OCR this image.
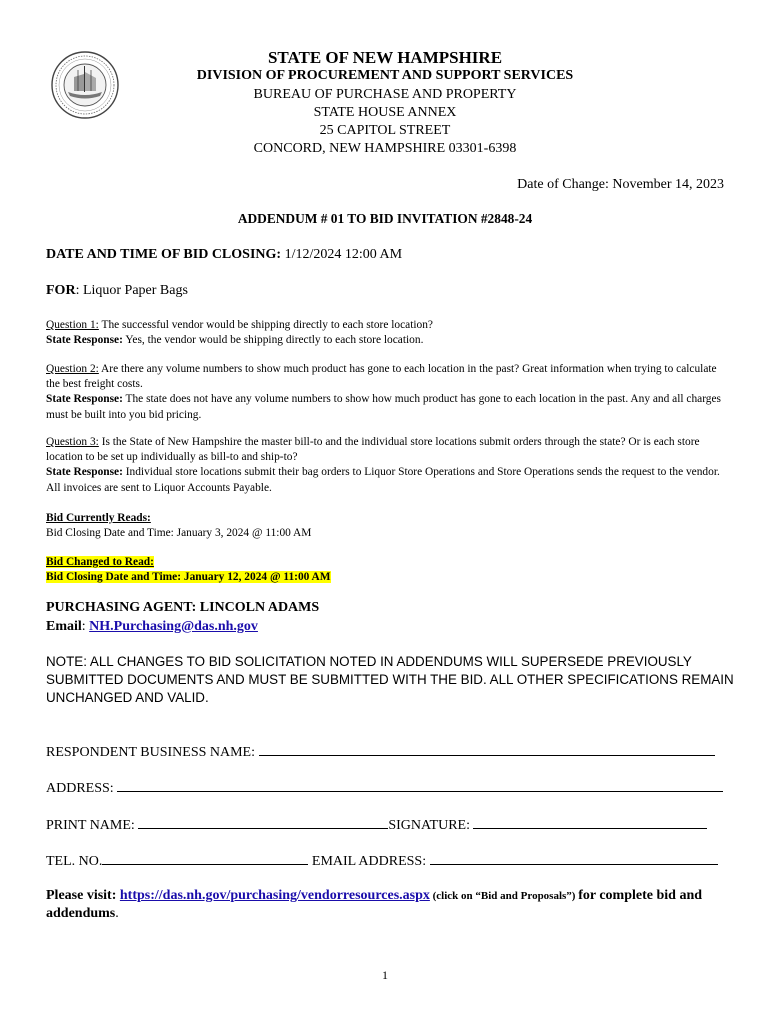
STATE OF NEW HAMPSHIRE
DIVISION OF PROCUREMENT AND SUPPORT SERVICES
BUREAU OF PURCHASE AND PROPERTY
STATE HOUSE ANNEX
25 CAPITOL STREET
CONCORD, NEW HAMPSHIRE 03301-6398
Date of Change: November 14, 2023
ADDENDUM # 01 TO BID INVITATION #2848-24
DATE AND TIME OF BID CLOSING: 1/12/2024 12:00 AM
FOR: Liquor Paper Bags
Question 1: The successful vendor would be shipping directly to each store location?
State Response: Yes, the vendor would be shipping directly to each store location.
Question 2: Are there any volume numbers to show much product has gone to each location in the past? Great information when trying to calculate the best freight costs.
State Response: The state does not have any volume numbers to show how much product has gone to each location in the past. Any and all charges must be built into you bid pricing.
Question 3: Is the State of New Hampshire the master bill-to and the individual store locations submit orders through the state? Or is each store location to be set up individually as bill-to and ship-to?
State Response: Individual store locations submit their bag orders to Liquor Store Operations and Store Operations sends the request to the vendor. All invoices are sent to Liquor Accounts Payable.
Bid Currently Reads:
Bid Closing Date and Time: January 3, 2024 @ 11:00 AM
Bid Changed to Read:
Bid Closing Date and Time: January 12, 2024 @ 11:00 AM
PURCHASING AGENT: LINCOLN ADAMS
Email: NH.Purchasing@das.nh.gov
NOTE: ALL CHANGES TO BID SOLICITATION NOTED IN ADDENDUMS WILL SUPERSEDE PREVIOUSLY SUBMITTED DOCUMENTS AND MUST BE SUBMITTED WITH THE BID. ALL OTHER SPECIFICATIONS REMAIN UNCHANGED AND VALID.
RESPONDENT BUSINESS NAME:
ADDRESS:
PRINT NAME:	SIGNATURE:
TEL. NO.	EMAIL ADDRESS:
Please visit: https://das.nh.gov/purchasing/vendorresources.aspx (click on “Bid and Proposals”) for complete bid and addendums.
1
